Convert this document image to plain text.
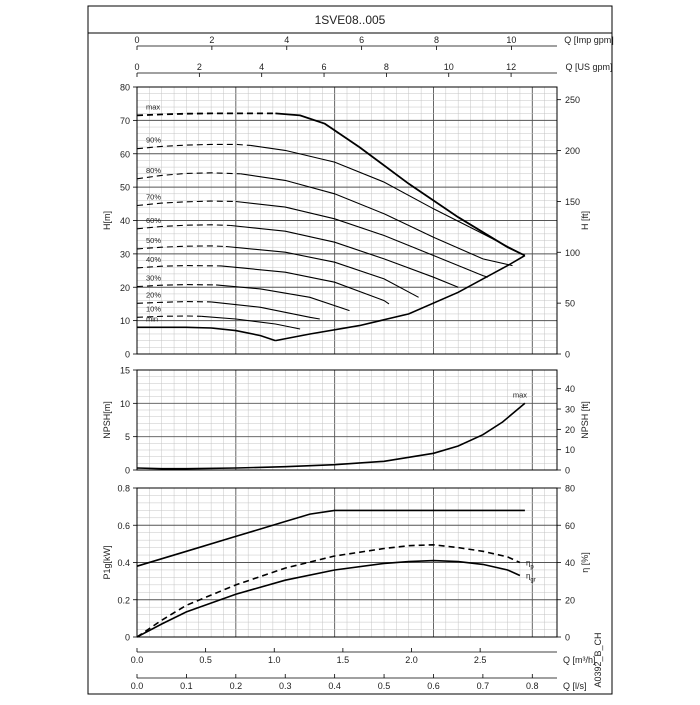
1SVE08..005
A0392_B_CH
0
10
20
30
40
50
60
70
80
H[m]
0
50
100
150
200
250
H [ft]
0	2	4	6	8	10	Q [Imp gpm]
0	2	4	6	8	10	12	Q [US gpm]
max
90%
80%
70%
60%
50%
40%
30%
20%
10%
min
0
5
10
15
NPSH[m]
0
10
20
30
40
NPSH [ft]
max
0
0.2
0.4
0.6
0.8
P1g[kW]
0
20
40
60
80
η [%]
0.0	0.5	1.0	1.5	2.0	2.5	Q [m³/h]
0.0	0.1	0.2	0.3	0.4	0.5	0.6	0.7	0.8	Q [l/s]
$\eta_p$
$\eta_{gr}$
